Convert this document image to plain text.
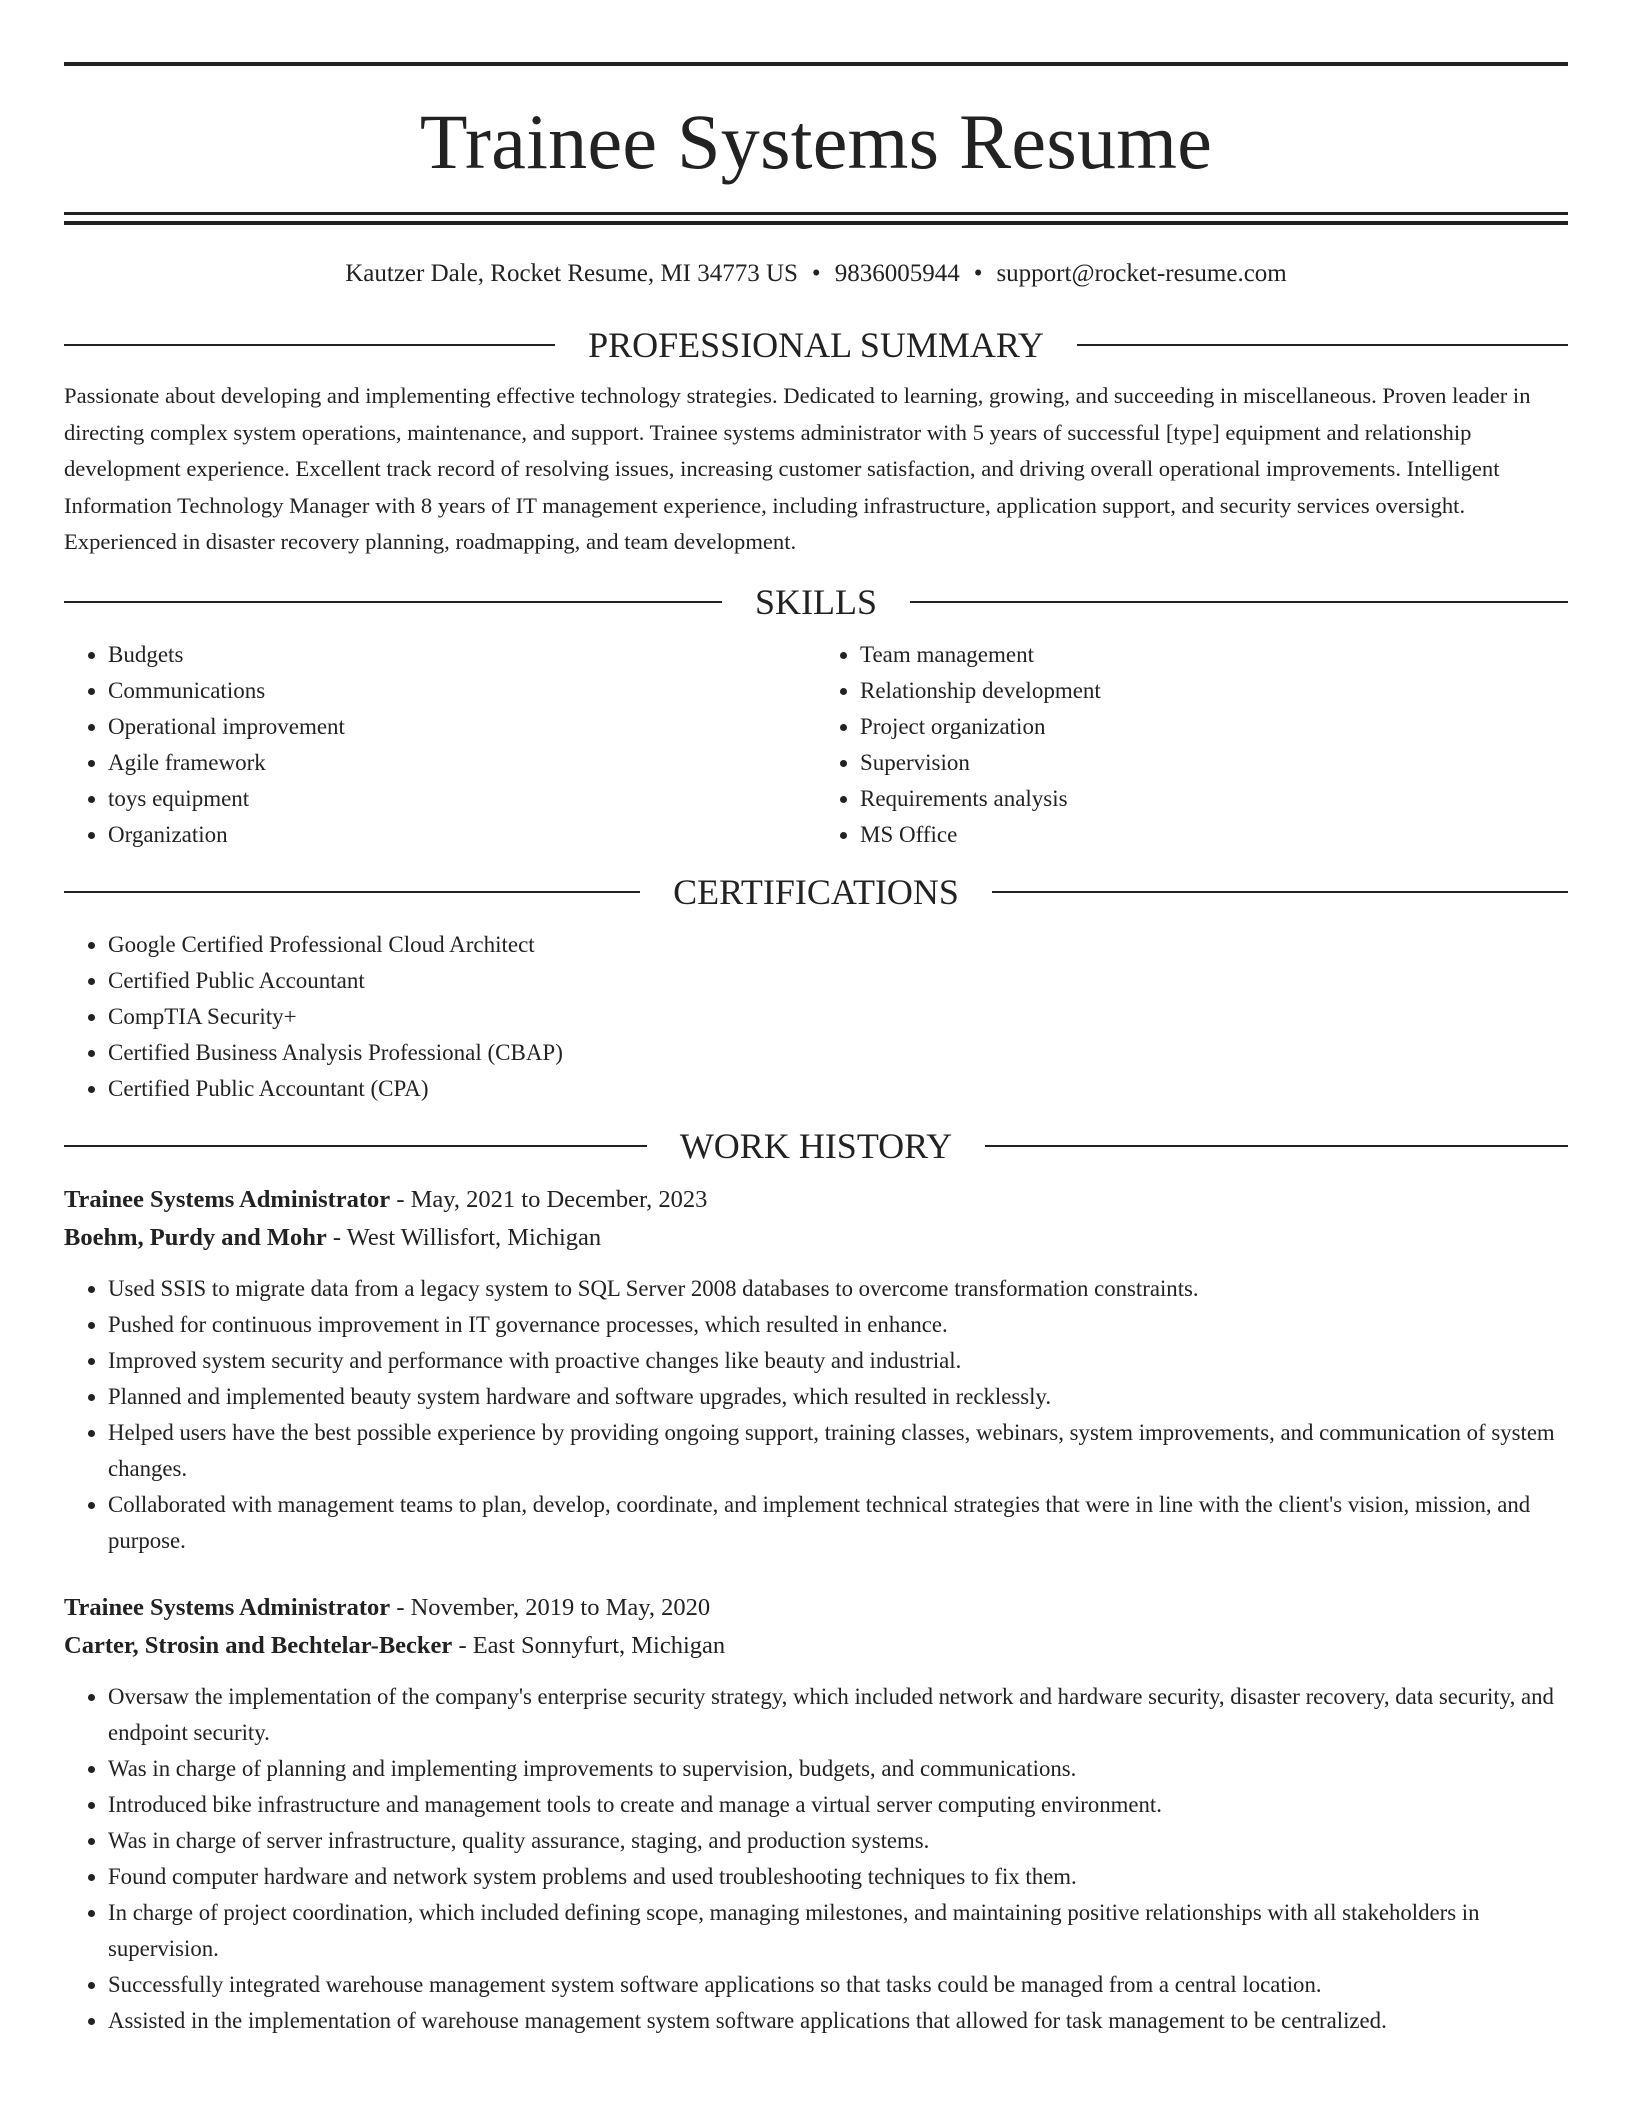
Trainee Systems Resume
Kautzer Dale, Rocket Resume, MI 34773 US • 9836005944 • support@rocket-resume.com
PROFESSIONAL SUMMARY
Passionate about developing and implementing effective technology strategies. Dedicated to learning, growing, and succeeding in miscellaneous. Proven leader in directing complex system operations, maintenance, and support. Trainee systems administrator with 5 years of successful [type] equipment and relationship development experience. Excellent track record of resolving issues, increasing customer satisfaction, and driving overall operational improvements. Intelligent Information Technology Manager with 8 years of IT management experience, including infrastructure, application support, and security services oversight. Experienced in disaster recovery planning, roadmapping, and team development.
SKILLS
• Budgets
• Communications
• Operational improvement
• Agile framework
• toys equipment
• Organization
• Team management
• Relationship development
• Project organization
• Supervision
• Requirements analysis
• MS Office
CERTIFICATIONS
• Google Certified Professional Cloud Architect
• Certified Public Accountant
• CompTIA Security+
• Certified Business Analysis Professional (CBAP)
• Certified Public Accountant (CPA)
WORK HISTORY
Trainee Systems Administrator - May, 2021 to December, 2023
Boehm, Purdy and Mohr - West Willisfort, Michigan
• Used SSIS to migrate data from a legacy system to SQL Server 2008 databases to overcome transformation constraints.
• Pushed for continuous improvement in IT governance processes, which resulted in enhance.
• Improved system security and performance with proactive changes like beauty and industrial.
• Planned and implemented beauty system hardware and software upgrades, which resulted in recklessly.
• Helped users have the best possible experience by providing ongoing support, training classes, webinars, system improvements, and communication of system changes.
• Collaborated with management teams to plan, develop, coordinate, and implement technical strategies that were in line with the client's vision, mission, and purpose.
Trainee Systems Administrator - November, 2019 to May, 2020
Carter, Strosin and Bechtelar-Becker - East Sonnyfurt, Michigan
• Oversaw the implementation of the company's enterprise security strategy, which included network and hardware security, disaster recovery, data security, and endpoint security.
• Was in charge of planning and implementing improvements to supervision, budgets, and communications.
• Introduced bike infrastructure and management tools to create and manage a virtual server computing environment.
• Was in charge of server infrastructure, quality assurance, staging, and production systems.
• Found computer hardware and network system problems and used troubleshooting techniques to fix them.
• In charge of project coordination, which included defining scope, managing milestones, and maintaining positive relationships with all stakeholders in supervision.
• Successfully integrated warehouse management system software applications so that tasks could be managed from a central location.
• Assisted in the implementation of warehouse management system software applications that allowed for task management to be centralized.
